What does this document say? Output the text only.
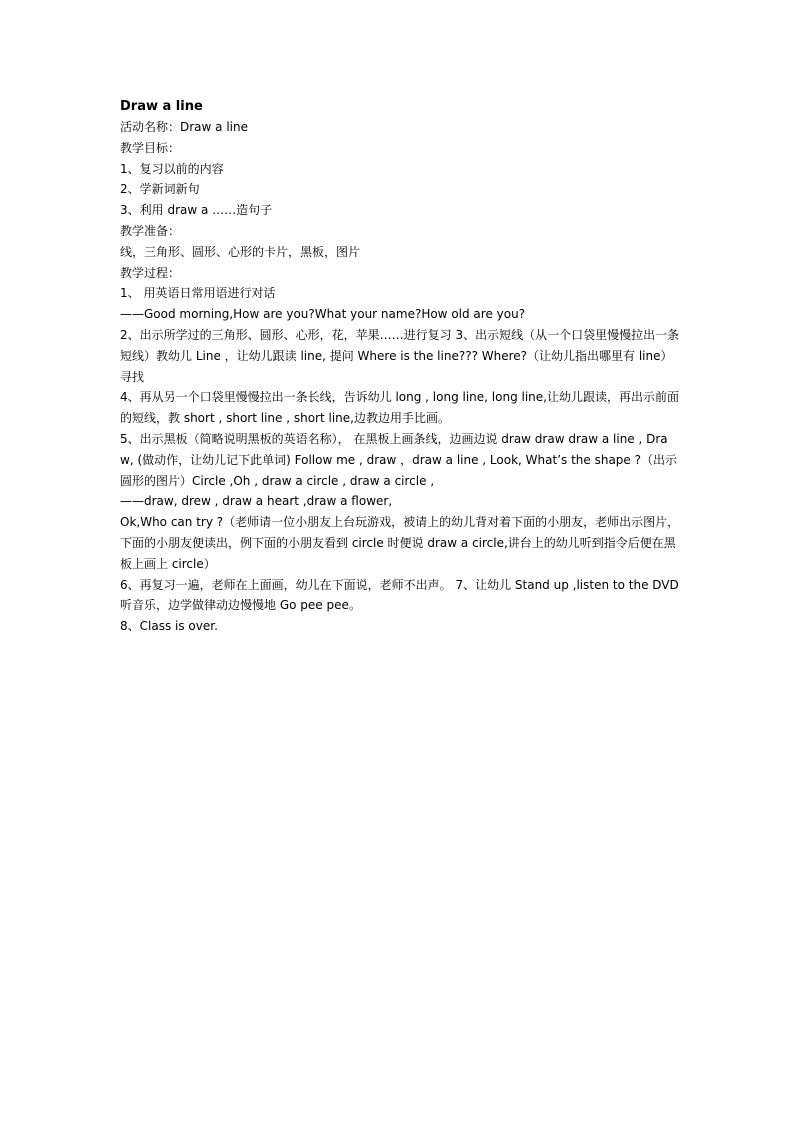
Draw a line

活动名称：Draw a line

教学目标：

1、复习以前的内容

2、学新词新句

3、利用 draw a ……造句子

教学准备：

线，三角形、圆形、心形的卡片，黑板，图片

教学过程：

1、 用英语日常用语进行对话

——Good morning,How are you?What your name?How old are you?

2、出示所学过的三角形、圆形、心形，花，苹果……进行复习 3、出示短线（从一个口袋里慢慢拉出一条短线）教幼儿 Line ，让幼儿跟读 line, 提问 Where is the line??? Where?（让幼儿指出哪里有 line）寻找

4、再从另一个口袋里慢慢拉出一条长线，告诉幼儿 long , long line, long line,让幼儿跟读，再出示前面的短线，教 short , short line , short line,边教边用手比画。

5、出示黑板（简略说明黑板的英语名称）， 在黑板上画条线，边画边说 draw draw draw a line , Draw, (做动作，让幼儿记下此单词) Follow me , draw ，draw a line , Look, What’s the shape ?（出示圆形的图片）Circle ,Oh , draw a circle , draw a circle ,

——draw, drew , draw a heart ,draw a flower,

Ok,Who can try ?（老师请一位小朋友上台玩游戏，被请上的幼儿背对着下面的小朋友，老师出示图片，下面的小朋友便读出，例下面的小朋友看到 circle 时便说 draw a circle,讲台上的幼儿听到指令后便在黑板上画上 circle）

6、再复习一遍，老师在上面画，幼儿在下面说，老师不出声。 7、让幼儿 Stand up ,listen to the DVD 听音乐，边学做律动边慢慢地 Go pee pee。

8、Class is over.
